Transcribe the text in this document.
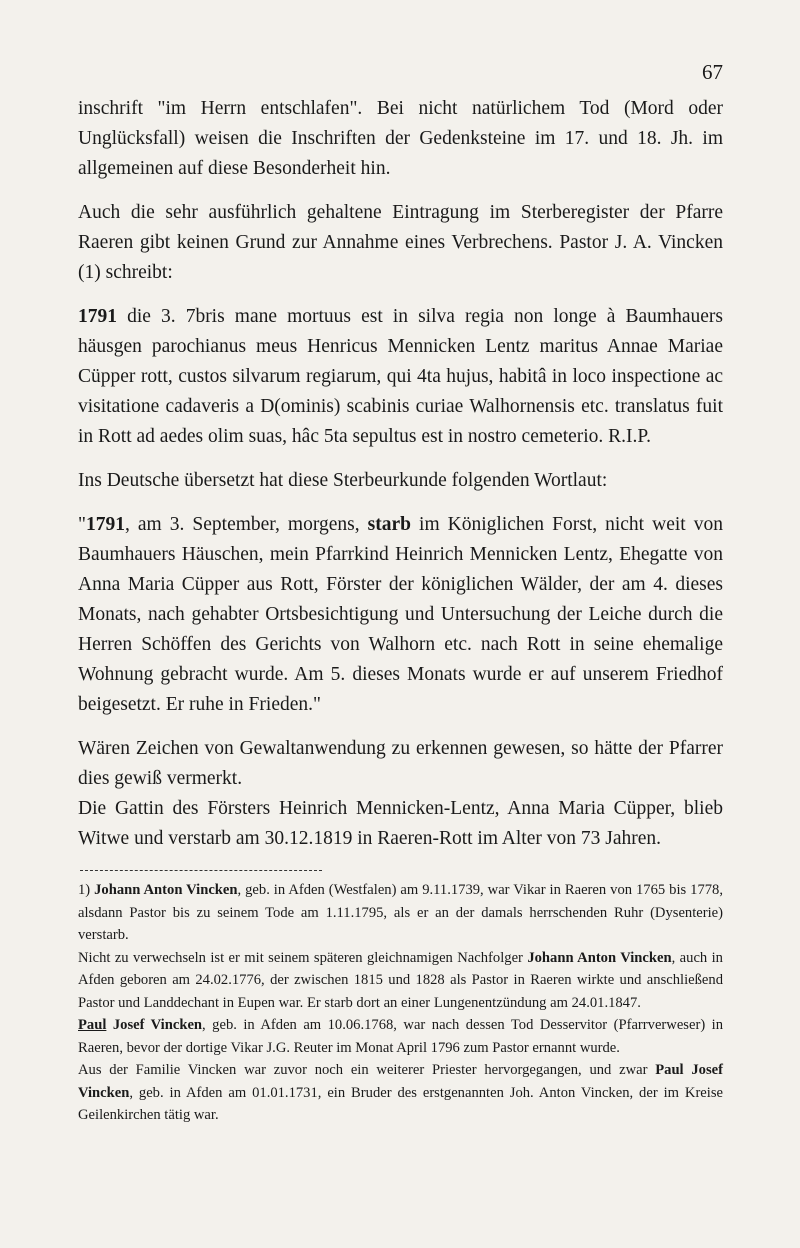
67

inschrift "im Herrn entschlafen". Bei nicht natürlichem Tod (Mord oder Unglücksfall) weisen die Inschriften der Gedenksteine im 17. und 18. Jh. im allgemeinen auf diese Besonderheit hin.

Auch die sehr ausführlich gehaltene Eintragung im Sterberegister der Pfarre Raeren gibt keinen Grund zur Annahme eines Verbrechens. Pastor J. A. Vincken (1) schreibt:

1791 die 3. 7bris mane mortuus est in silva regia non longe à Baumhauers häusgen parochianus meus Henricus Mennicken Lentz maritus Annae Mariae Cüpper rott, custos silvarum regiarum, qui 4ta hujus, habitâ in loco inspectione ac visitatione cadaveris a D(ominis) scabinis curiae Walhornensis etc. translatus fuit in Rott ad aedes olim suas, hâc 5ta sepultus est in nostro cemeterio. R.I.P.

Ins Deutsche übersetzt hat diese Sterbeurkunde folgenden Wortlaut:

"1791, am 3. September, morgens, starb im Königlichen Forst, nicht weit von Baumhauers Häuschen, mein Pfarrkind Heinrich Mennicken Lentz, Ehegatte von Anna Maria Cüpper aus Rott, Förster der königlichen Wälder, der am 4. dieses Monats, nach gehabter Ortsbesichtigung und Untersuchung der Leiche durch die Herren Schöffen des Gerichts von Walhorn etc. nach Rott in seine ehemalige Wohnung gebracht wurde. Am 5. dieses Monats wurde er auf unserem Friedhof beigesetzt. Er ruhe in Frieden."

Wären Zeichen von Gewaltanwendung zu erkennen gewesen, so hätte der Pfarrer dies gewiß vermerkt.

Die Gattin des Försters Heinrich Mennicken-Lentz, Anna Maria Cüpper, blieb Witwe und verstarb am 30.12.1819 in Raeren-Rott im Alter von 73 Jahren.

1) Johann Anton Vincken, geb. in Afden (Westfalen) am 9.11.1739, war Vikar in Raeren von 1765 bis 1778, alsdann Pastor bis zu seinem Tode am 1.11.1795, als er an der damals herrschenden Ruhr (Dysenterie) verstarb.

Nicht zu verwechseln ist er mit seinem späteren gleichnamigen Nachfolger Johann Anton Vincken, auch in Afden geboren am 24.02.1776, der zwischen 1815 und 1828 als Pastor in Raeren wirkte und anschließend Pastor und Landdechant in Eupen war. Er starb dort an einer Lungenentzündung am 24.01.1847.

Paul Josef Vincken, geb. in Afden am 10.06.1768, war nach dessen Tod Desservitor (Pfarrverweser) in Raeren, bevor der dortige Vikar J.G. Reuter im Monat April 1796 zum Pastor ernannt wurde.

Aus der Familie Vincken war zuvor noch ein weiterer Priester hervorgegangen, und zwar Paul Josef Vincken, geb. in Afden am 01.01.1731, ein Bruder des erstgenannten Joh. Anton Vincken, der im Kreise Geilenkirchen tätig war.
